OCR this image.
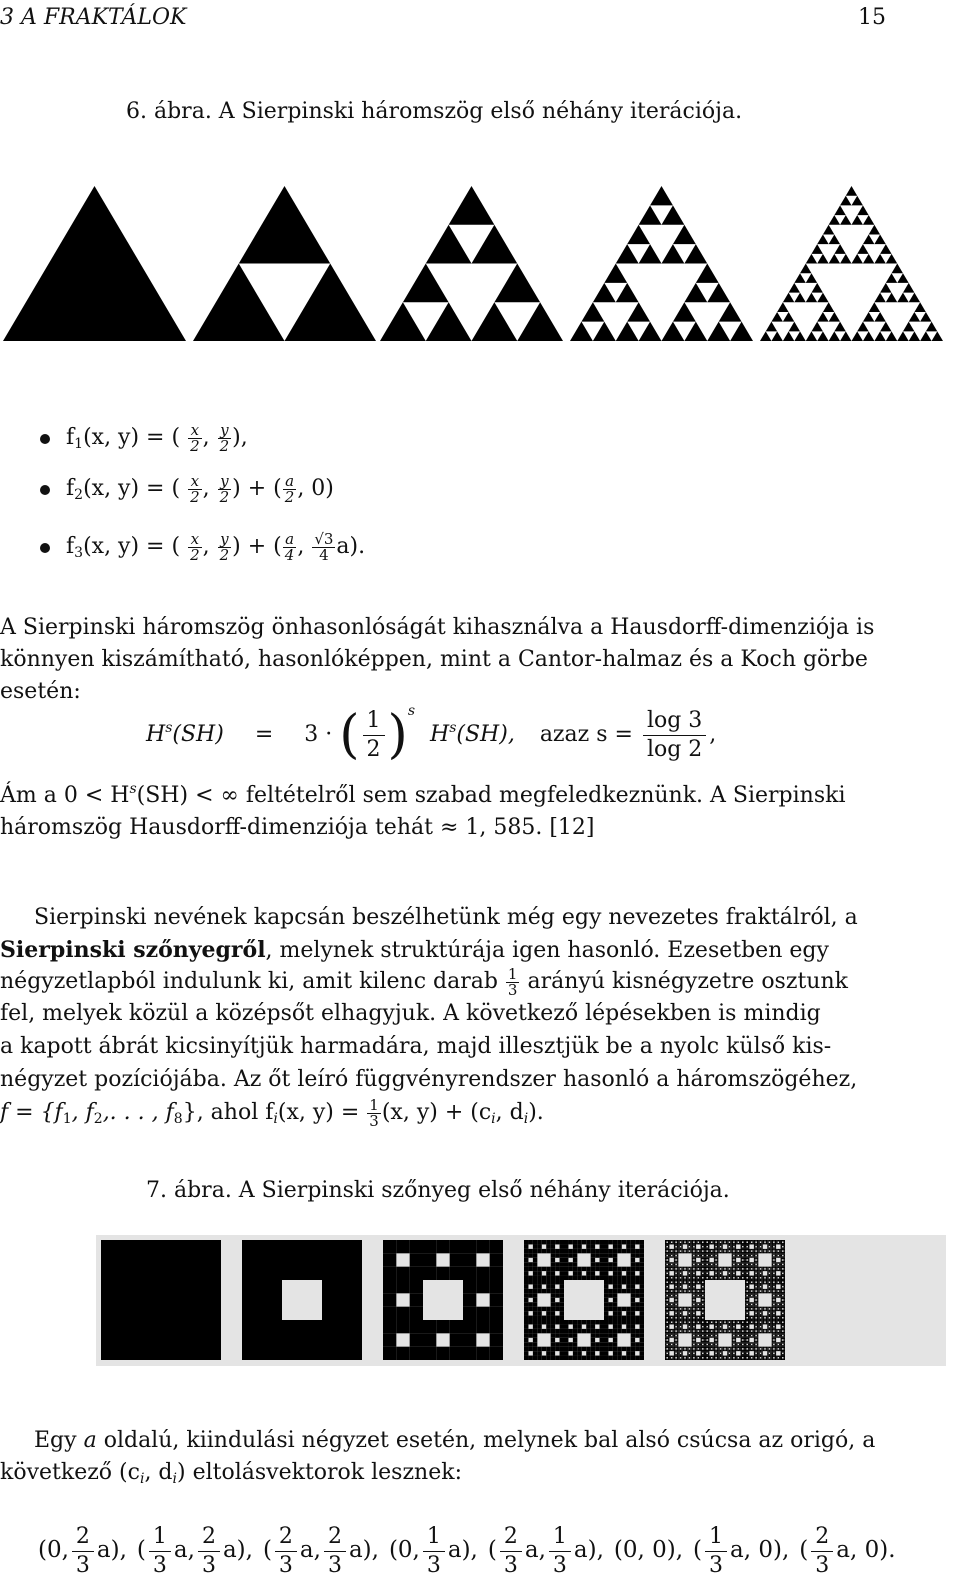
3 A FRAKTÁLOK	15
6. ábra. A Sierpinski háromszög első néhány iterációja.
$f_1(x$, y) = ( $\frac{x}{2}$ , $\frac{y}{2}$ ),
$f_2(x$, y) = ( $\frac{x}{2}$ , $\frac{y}{2}$ ) + ( $\frac{a}{2}$ , 0)
$f_3(x$, y) = ( $\frac{x}{2}$ , $\frac{y}{2}$ ) + ( $\frac{a}{4}$ , $\frac{√3}{4} a$).
A Sierpinski háromszög önhasonlóságát kihasználva a Hausdorff-dimenziója is
könnyen kiszámítható, hasonlóképpen, mint a Cantor-halmaz és a Koch görbe
esetén:
$H^s(SH) = 3$ · ( $\frac{1}{2} )^s$ $H^s(SH)$, azaz $s = \frac{\log 3}{\log 2}$ ,
Ám a $0 < H^s(SH)$ < ∞ feltételről sem szabad megfeledkeznünk. A Sierpinski
háromszög Hausdorff-dimenziója tehát ≈ 1, 585. [12]
Sierpinski nevének kapcsán beszélhetünk még egy nevezetes fraktálról, a
Sierpinski szőnyegről, melynek struktúrája igen hasonló. Ezesetben egy
négyzetlapból indulunk ki, amit kilenc darab $\frac{1}{3}$ arányú kisnégyzetre osztunk
fel, melyek közül a középsőt elhagyjuk. A következő lépésekben is mindig
a kapott ábrát kicsinyítjük harmadára, majd illesztjük be a nyolc külső kis-
négyzet pozíciójába. Az őt leíró függvényrendszer hasonló a háromszögéhez,
$f = \{f_1$, $f_2$,. . . , $f_8$}, ahol $f_i(x$, $y) = \frac{1}{3} (x$, $y) + (c_i$, $d_i$).
7. ábra. A Sierpinski szőnyeg első néhány iterációja.
Egy a oldalú, kiindulási négyzet esetén, melynek bal alsó csúcsa az origó, a
következő ($c_i$, $d_i$) eltolásvektorok lesznek:
(0, $\frac{2}{3} a$), ( $\frac{1}{3} a$, $\frac{2}{3} a$), ( $\frac{2}{3} a$, $\frac{2}{3} a$), (0, $\frac{1}{3} a$), ( $\frac{2}{3} a$, $\frac{1}{3} a$), (0, 0), ( $\frac{1}{3} a$, 0), ( $\frac{2}{3} a$, 0).
